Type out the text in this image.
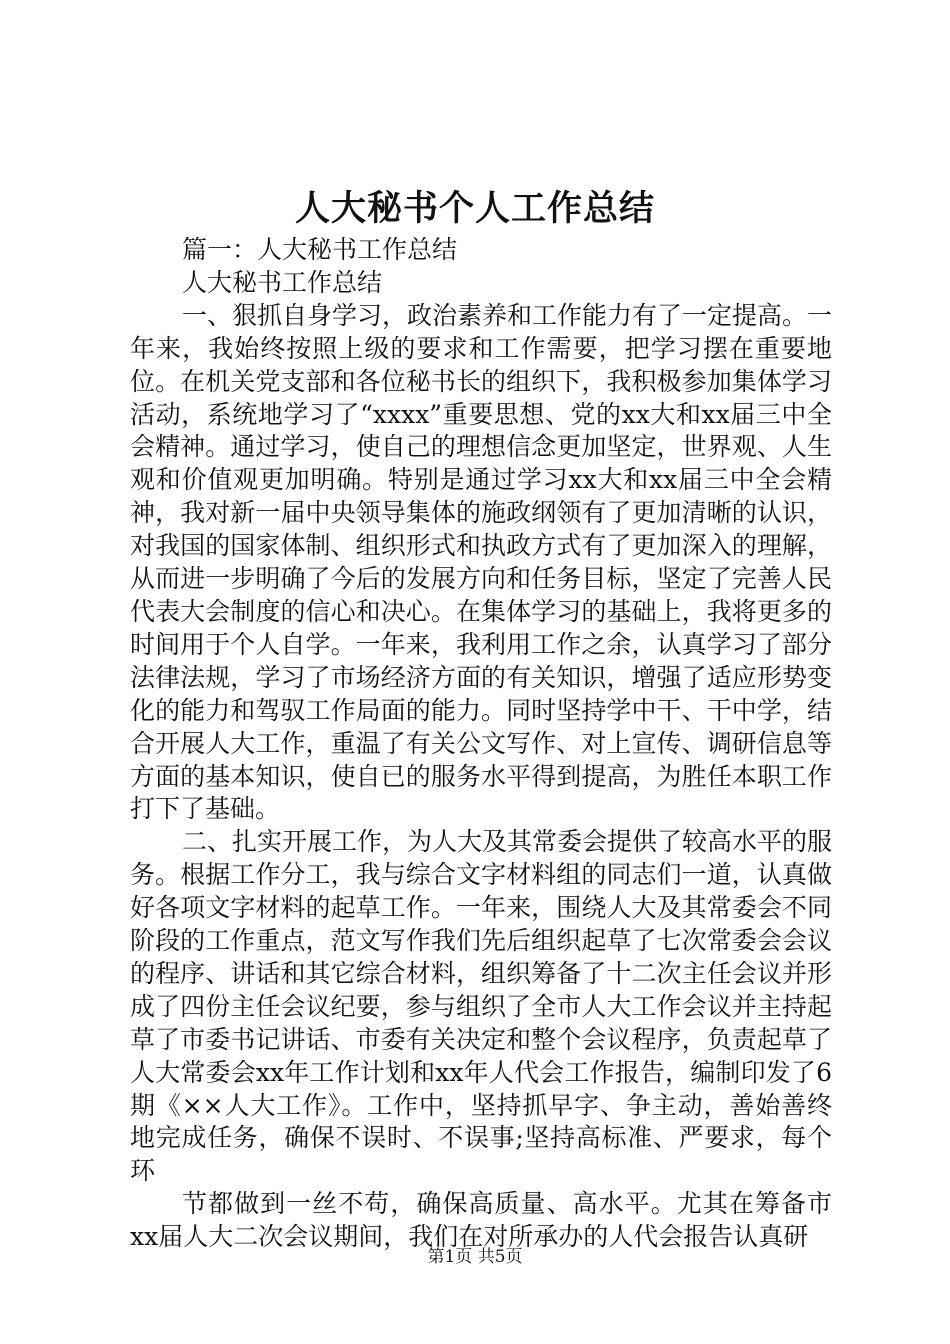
人大秘书个人工作总结

篇一：人大秘书工作总结

人大秘书工作总结

一、狠抓自身学习，政治素养和工作能力有了一定提高。一年来，我始终按照上级的要求和工作需要，把学习摆在重要地位。在机关党支部和各位秘书长的组织下，我积极参加集体学习活动，系统地学习了“xxxx”重要思想、党的xx大和xx届三中全会精神。通过学习，使自己的理想信念更加坚定，世界观、人生观和价值观更加明确。特别是通过学习xx大和xx届三中全会精神，我对新一届中央领导集体的施政纲领有了更加清晰的认识，对我国的国家体制、组织形式和执政方式有了更加深入的理解，从而进一步明确了今后的发展方向和任务目标，坚定了完善人民代表大会制度的信心和决心。在集体学习的基础上，我将更多的时间用于个人自学。一年来，我利用工作之余，认真学习了部分法律法规，学习了市场经济方面的有关知识，增强了适应形势变化的能力和驾驭工作局面的能力。同时坚持学中干、干中学，结合开展人大工作，重温了有关公文写作、对上宣传、调研信息等方面的基本知识，使自已的服务水平得到提高，为胜任本职工作打下了基础。

二、扎实开展工作，为人大及其常委会提供了较高水平的服务。根据工作分工，我与综合文字材料组的同志们一道，认真做好各项文字材料的起草工作。一年来，围绕人大及其常委会不同阶段的工作重点，范文写作我们先后组织起草了七次常委会会议的程序、讲话和其它综合材料，组织筹备了十二次主任会议并形成了四份主任会议纪要，参与组织了全市人大工作会议并主持起草了市委书记讲话、市委有关决定和整个会议程序，负责起草了人大常委会xx年工作计划和xx年人代会工作报告，编制印发了6期《××人大工作》。工作中，坚持抓早字、争主动，善始善终地完成任务，确保不误时、不误事;坚持高标准、严要求，每个环

节都做到一丝不苟，确保高质量、高水平。尤其在筹备市xx届人大二次会议期间，我们在对所承办的人代会报告认真研

第1页 共5页
